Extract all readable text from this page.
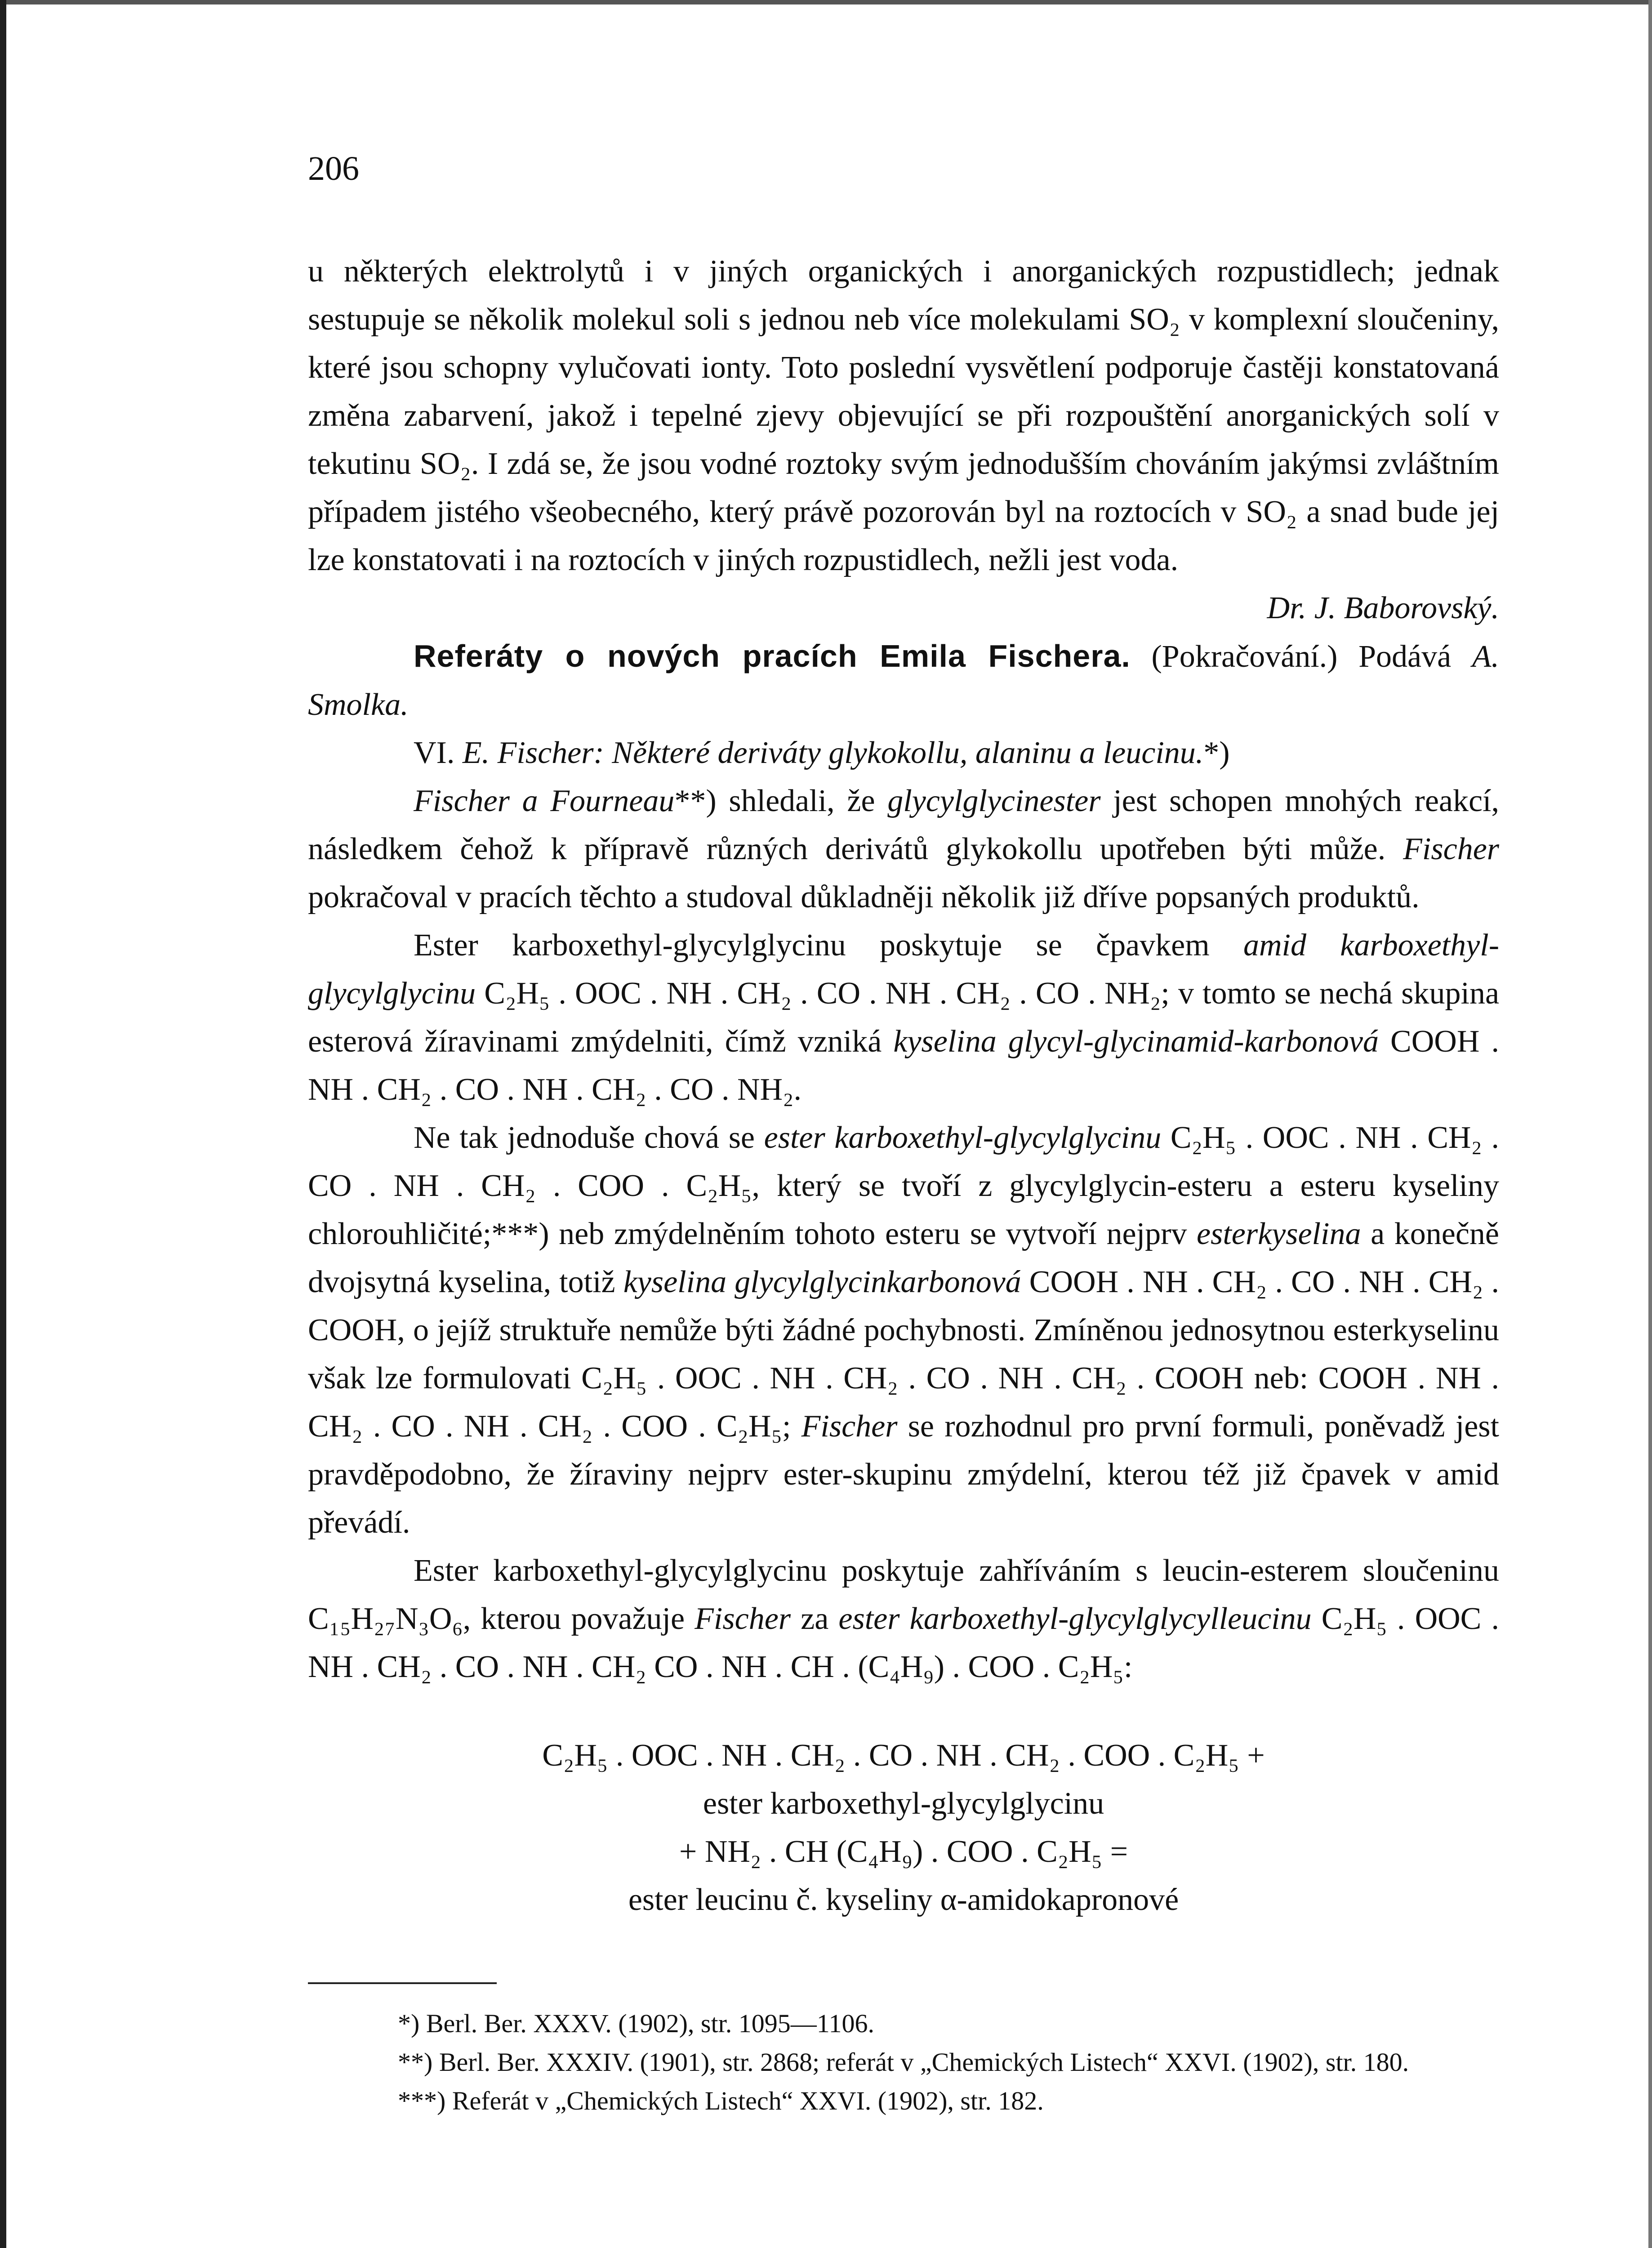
206

u některých elektrolytů i v jiných organických i anorganických rozpustidlech; jednak sestupuje se několik molekul soli s jednou neb více molekulami SO₂ v komplexní sloučeniny, které jsou schopny vylučovati ionty. Toto poslední vysvětlení podporuje častěji konstatovaná změna zabarvení, jakož i tepelné zjevy objevující se při rozpouštění anorganických solí v tekutinu SO₂. I zdá se, že jsou vodné roztoky svým jednodušším chováním jakýmsi zvláštním případem jistého všeobecného, který právě pozorován byl na roztocích v SO₂ a snad bude jej lze konstatovati i na roztocích v jiných rozpustidlech, nežli jest voda.

Dr. J. Baborovský.

Referáty o nových pracích Emila Fischera. (Pokračování.) Podává A. Smolka.

VI. E. Fischer: Některé deriváty glykokollu, alaninu a leucinu.*)

Fischer a Fourneau**) shledali, že glycylglycinester jest schopen mnohých reakcí, následkem čehož k přípravě různých derivátů glykokollu upotřeben býti může. Fischer pokračoval v pracích těchto a studoval důkladněji několik již dříve popsaných produktů.

Ester karboxethyl-glycylglycinu poskytuje se čpavkem amid karboxethyl-glycylglycinu C₂H₅ . OOC . NH . CH₂ . CO . NH . CH₂ . CO . NH₂; v tomto se nechá skupina esterová žíravinami zmýdelniti, čímž vzniká kyselina glycyl-glycinamid-karbonová COOH . NH . CH₂ . CO . NH . CH₂ . CO . NH₂.

Ne tak jednoduše chová se ester karboxethyl-glycylglycinu C₂H₅ . OOC . NH . CH₂ . CO . NH . CH₂ . COO . C₂H₅, který se tvoří z glycylglycin-esteru a esteru kyseliny chlorouhličité;***) neb zmýdelněním tohoto esteru se vytvoří nejprv esterkyselina a konečně dvojsytná kyselina, totiž kyselina glycylglycinkarbonová COOH . NH . CH₂ . CO . NH . CH₂ . COOH, o jejíž struktuře nemůže býti žádné pochybnosti. Zmíněnou jednosytnou esterkyselinu však lze formulovati C₂H₅ . OOC . NH . CH₂ . CO . NH . CH₂ . COOH neb: COOH . NH . CH₂ . CO . NH . CH₂ . COO . C₂H₅; Fischer se rozhodnul pro první formuli, poněvadž jest pravděpodobno, že žíraviny nejprv ester-skupinu zmýdelní, kterou též již čpavek v amid převádí.

Ester karboxethyl-glycylglycinu poskytuje zahříváním s leucin-esterem sloučeninu C₁₅H₂₇N₃O₆, kterou považuje Fischer za ester karboxethyl-glycylglycylleucinu C₂H₅ . OOC . NH . CH₂ . CO . NH . CH₂ CO . NH . CH . (C₄H₉) . COO . C₂H₅:

C₂H₅ . OOC . NH . CH₂ . CO . NH . CH₂ . COO . C₂H₅ +

ester karboxethyl-glycylglycinu

+ NH₂ . CH (C₄H₉) . COO . C₂H₅ =

ester leucinu č. kyseliny α-amidokapronové

*) Berl. Ber. XXXV. (1902), str. 1095—1106.

**) Berl. Ber. XXXIV. (1901), str. 2868; referát v „Chemických Listech“ XXVI. (1902), str. 180.

***) Referát v „Chemických Listech“ XXVI. (1902), str. 182.
